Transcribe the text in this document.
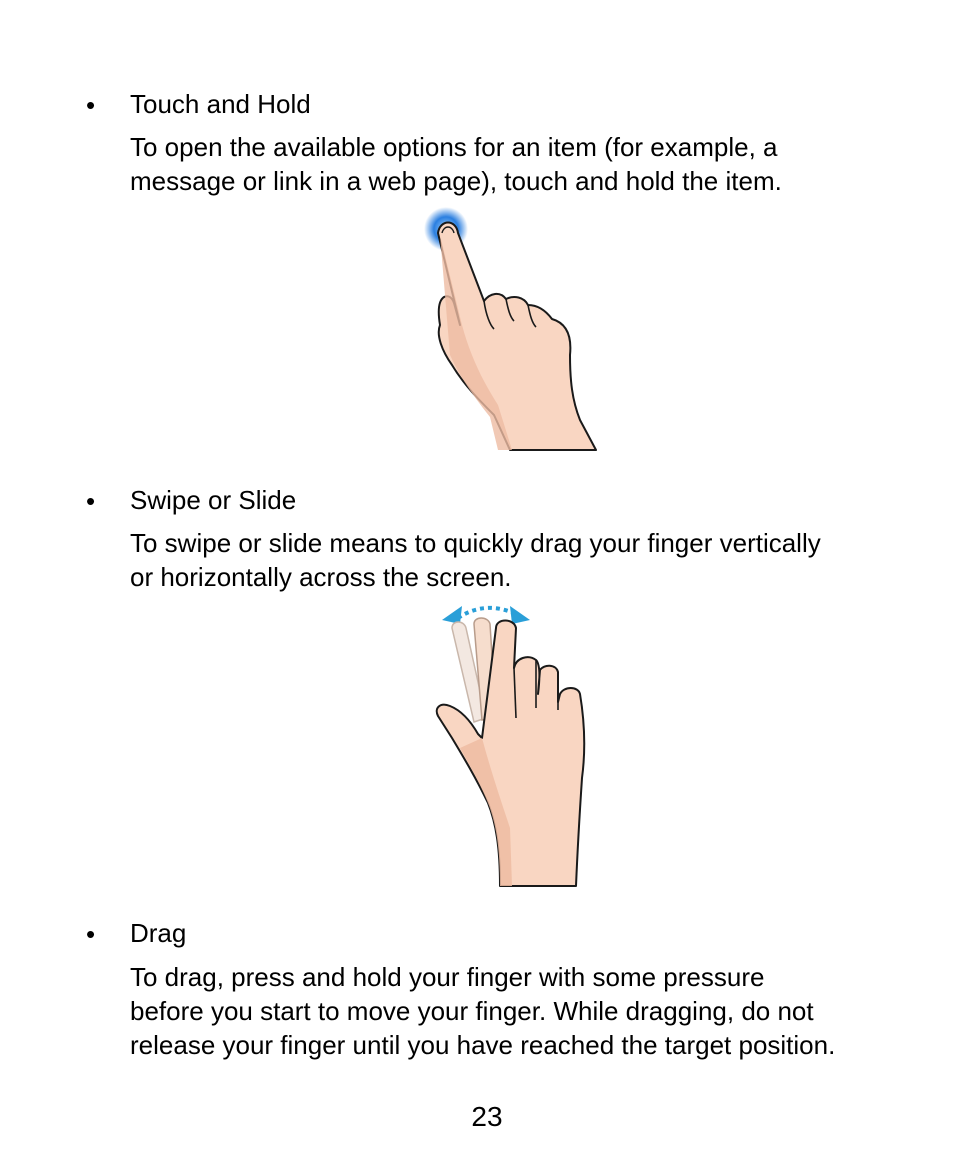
• Touch and Hold

To open the available options for an item (for example, a
message or link in a web page), touch and hold the item.

• Swipe or Slide

To swipe or slide means to quickly drag your finger vertically
or horizontally across the screen.

• Drag

To drag, press and hold your finger with some pressure
before you start to move your finger. While dragging, do not
release your finger until you have reached the target position.

23
